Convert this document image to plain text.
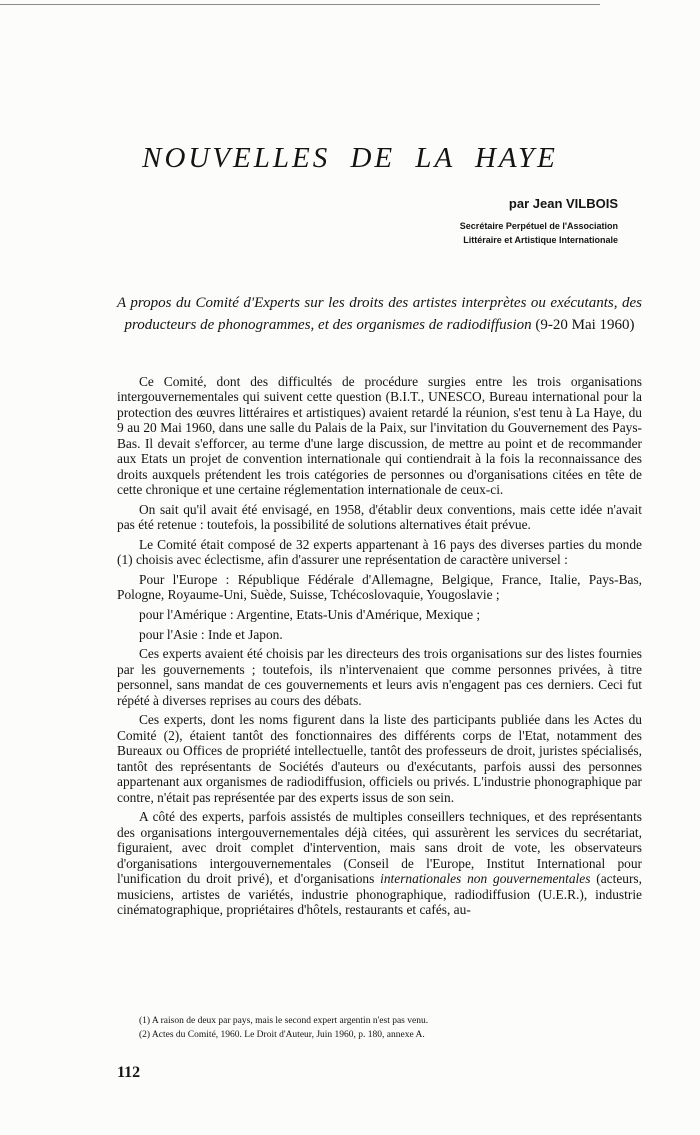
NOUVELLES DE LA HAYE
par Jean VILBOIS
Secrétaire Perpétuel de l'Association
Littéraire et Artistique Internationale

A propos du Comité d'Experts sur les droits des artistes interprètes ou exécutants, des producteurs de phonogrammes, et des organismes de radiodiffusion (9-20 Mai 1960)

Ce Comité, dont des difficultés de procédure surgies entre les trois organisations intergouvernementales qui suivent cette question (B.I.T., UNESCO, Bureau international pour la protection des œuvres littéraires et artistiques) avaient retardé la réunion, s'est tenu à La Haye, du 9 au 20 Mai 1960, dans une salle du Palais de la Paix, sur l'invitation du Gouvernement des Pays-Bas. Il devait s'efforcer, au terme d'une large discussion, de mettre au point et de recommander aux Etats un projet de convention internationale qui contiendrait à la fois la reconnaissance des droits auxquels prétendent les trois catégories de personnes ou d'organisations citées en tête de cette chronique et une certaine réglementation internationale de ceux-ci.

On sait qu'il avait été envisagé, en 1958, d'établir deux conventions, mais cette idée n'avait pas été retenue : toutefois, la possibilité de solutions alternatives était prévue.

Le Comité était composé de 32 experts appartenant à 16 pays des diverses parties du monde (1) choisis avec éclectisme, afin d'assurer une représentation de caractère universel :

Pour l'Europe : République Fédérale d'Allemagne, Belgique, France, Italie, Pays-Bas, Pologne, Royaume-Uni, Suède, Suisse, Tchécoslovaquie, Yougoslavie ;

pour l'Amérique : Argentine, Etats-Unis d'Amérique, Mexique ;

pour l'Asie : Inde et Japon.

Ces experts avaient été choisis par les directeurs des trois organisations sur des listes fournies par les gouvernements ; toutefois, ils n'intervenaient que comme personnes privées, à titre personnel, sans mandat de ces gouvernements et leurs avis n'engagent pas ces derniers. Ceci fut répété à diverses reprises au cours des débats.

Ces experts, dont les noms figurent dans la liste des participants publiée dans les Actes du Comité (2), étaient tantôt des fonctionnaires des différents corps de l'Etat, notamment des Bureaux ou Offices de propriété intellectuelle, tantôt des professeurs de droit, juristes spécialisés, tantôt des représentants de Sociétés d'auteurs ou d'exécutants, parfois aussi des personnes appartenant aux organismes de radiodiffusion, officiels ou privés. L'industrie phonographique par contre, n'était pas représentée par des experts issus de son sein.

A côté des experts, parfois assistés de multiples conseillers techniques, et des représentants des organisations intergouvernementales déjà citées, qui assurèrent les services du secrétariat, figuraient, avec droit complet d'intervention, mais sans droit de vote, les observateurs d'organisations intergouvernementales (Conseil de l'Europe, Institut International pour l'unification du droit privé), et d'organisations internationales non gouvernementales (acteurs, musiciens, artistes de variétés, industrie phonographique, radiodiffusion (U.E.R.), industrie cinématographique, propriétaires d'hôtels, restaurants et cafés, au-

(1) A raison de deux par pays, mais le second expert argentin n'est pas venu.

(2) Actes du Comité, 1960. Le Droit d'Auteur, Juin 1960, p. 180, annexe A.

112
